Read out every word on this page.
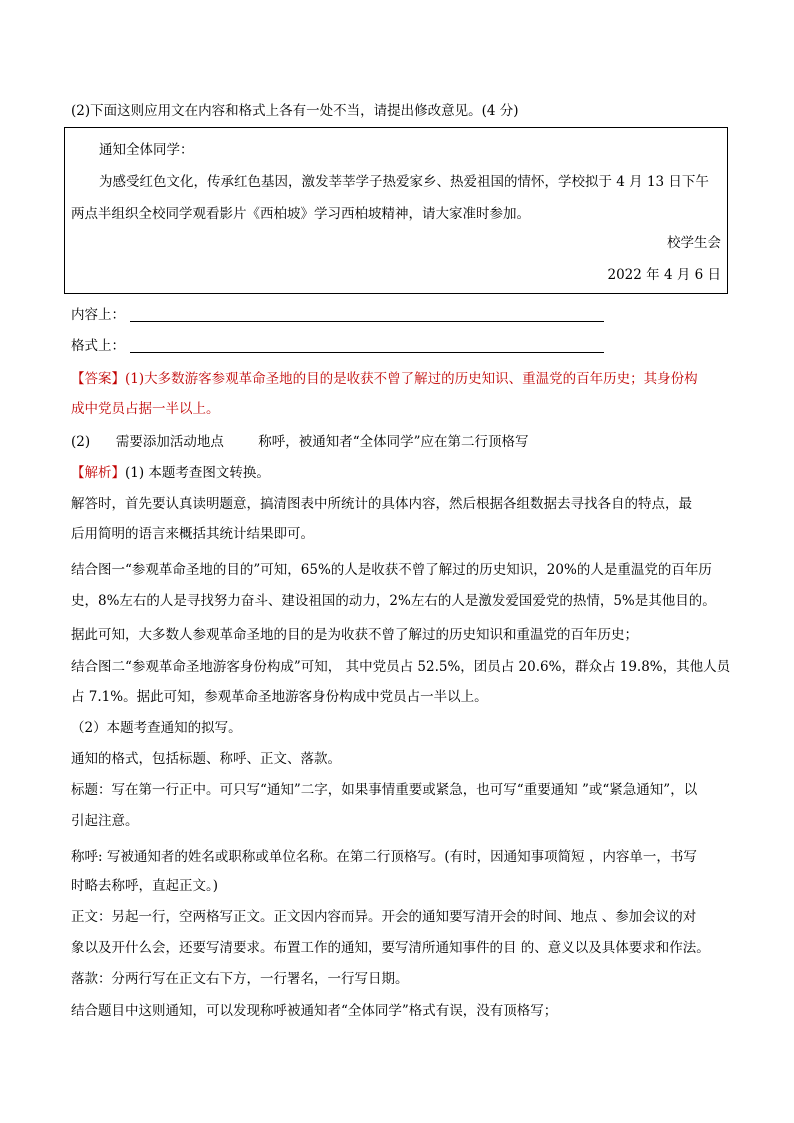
(2)下面这则应用文在内容和格式上各有一处不当，请提出修改意见。(4 分)
通知全体同学：
为感受红色文化，传承红色基因，激发莘莘学子热爱家乡、热爱祖国的情怀，学校拟于 4 月 13 日下午
两点半组织全校同学观看影片《西柏坡》学习西柏坡精神，请大家准时参加。
校学生会
2022 年 4 月 6 日
内容上：
格式上：
【答案】(1)大多数游客参观革命圣地的目的是收获不曾了解过的历史知识、重温党的百年历史；其身份构
成中党员占据一半以上。
(2)      需要添加活动地点        称呼，被通知者“全体同学”应在第二行顶格写
【解析】(1) 本题考查图文转换。
解答时，首先要认真读明题意，搞清图表中所统计的具体内容，然后根据各组数据去寻找各自的特点，最
后用简明的语言来概括其统计结果即可。
结合图一“参观革命圣地的目的”可知，65%的人是收获不曾了解过的历史知识，20%的人是重温党的百年历
史，8%左右的人是寻找努力奋斗、建设祖国的动力，2%左右的人是激发爱国爱党的热情，5%是其他目的。
据此可知，大多数人参观革命圣地的目的是为收获不曾了解过的历史知识和重温党的百年历史；
结合图二“参观革命圣地游客身份构成”可知， 其中党员占 52.5%，团员占 20.6%，群众占 19.8%，其他人员
占 7.1%。据此可知，参观革命圣地游客身份构成中党员占一半以上。
（2）本题考查通知的拟写。
通知的格式，包括标题、称呼、正文、落款。
标题：写在第一行正中。可只写“通知”二字，如果事情重要或紧急，也可写“重要通知 ”或“紧急通知”，以
引起注意。
称呼: 写被通知者的姓名或职称或单位名称。在第二行顶格写。(有时，因通知事项简短 ，内容单一，书写
时略去称呼，直起正文。)
正文：另起一行，空两格写正文。正文因内容而异。开会的通知要写清开会的时间、地点 、参加会议的对
象以及开什么会，还要写清要求。布置工作的通知，要写清所通知事件的目 的、意义以及具体要求和作法。
落款：分两行写在正文右下方，一行署名，一行写日期。
结合题目中这则通知，可以发现称呼被通知者“全体同学”格式有误，没有顶格写；
